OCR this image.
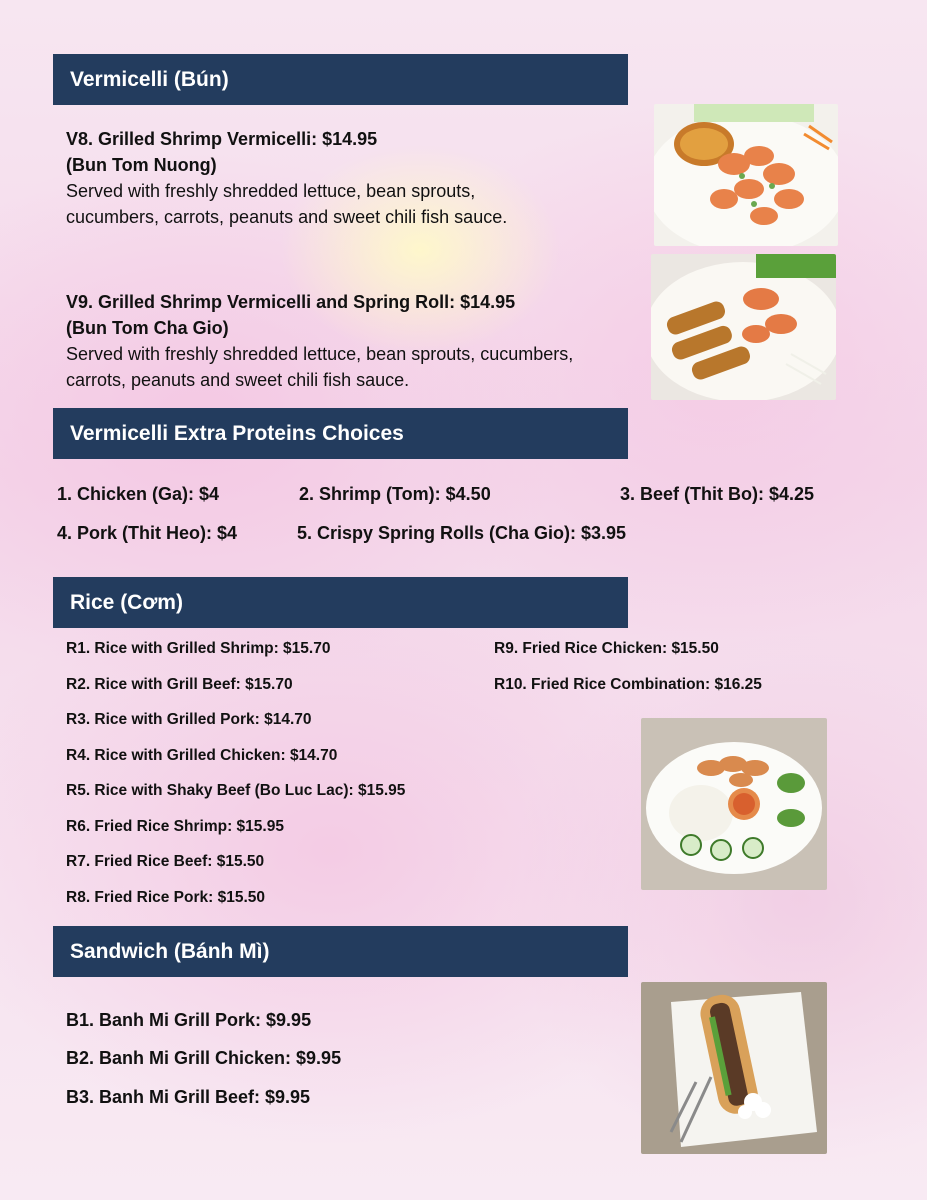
Vermicelli (Bún)
V8. Grilled Shrimp Vermicelli: $14.95
(Bun Tom Nuong)
Served with freshly shredded lettuce, bean sprouts, cucumbers, carrots, peanuts and sweet chili fish sauce.
V9. Grilled Shrimp Vermicelli and Spring Roll: $14.95
(Bun Tom Cha Gio)
Served with freshly shredded lettuce, bean sprouts, cucumbers, carrots, peanuts and sweet chili fish sauce.
Vermicelli Extra Proteins Choices
1. Chicken (Ga): $4	2. Shrimp (Tom): $4.50	3. Beef (Thit Bo): $4.25
4. Pork (Thit Heo): $4	5. Crispy Spring Rolls (Cha Gio): $3.95
Rice (Cơm)
R1. Rice with Grilled Shrimp: $15.70
R2. Rice with Grill Beef: $15.70
R3. Rice with Grilled Pork: $14.70
R4. Rice with Grilled Chicken: $14.70
R5. Rice with Shaky Beef (Bo Luc Lac): $15.95
R6. Fried Rice Shrimp: $15.95
R7. Fried Rice Beef: $15.50
R8. Fried Rice Pork: $15.50
R9. Fried Rice Chicken: $15.50
R10. Fried Rice Combination: $16.25
Sandwich (Bánh Mì)
B1. Banh Mi Grill Pork: $9.95
B2. Banh Mi Grill Chicken: $9.95
B3. Banh Mi Grill Beef: $9.95
